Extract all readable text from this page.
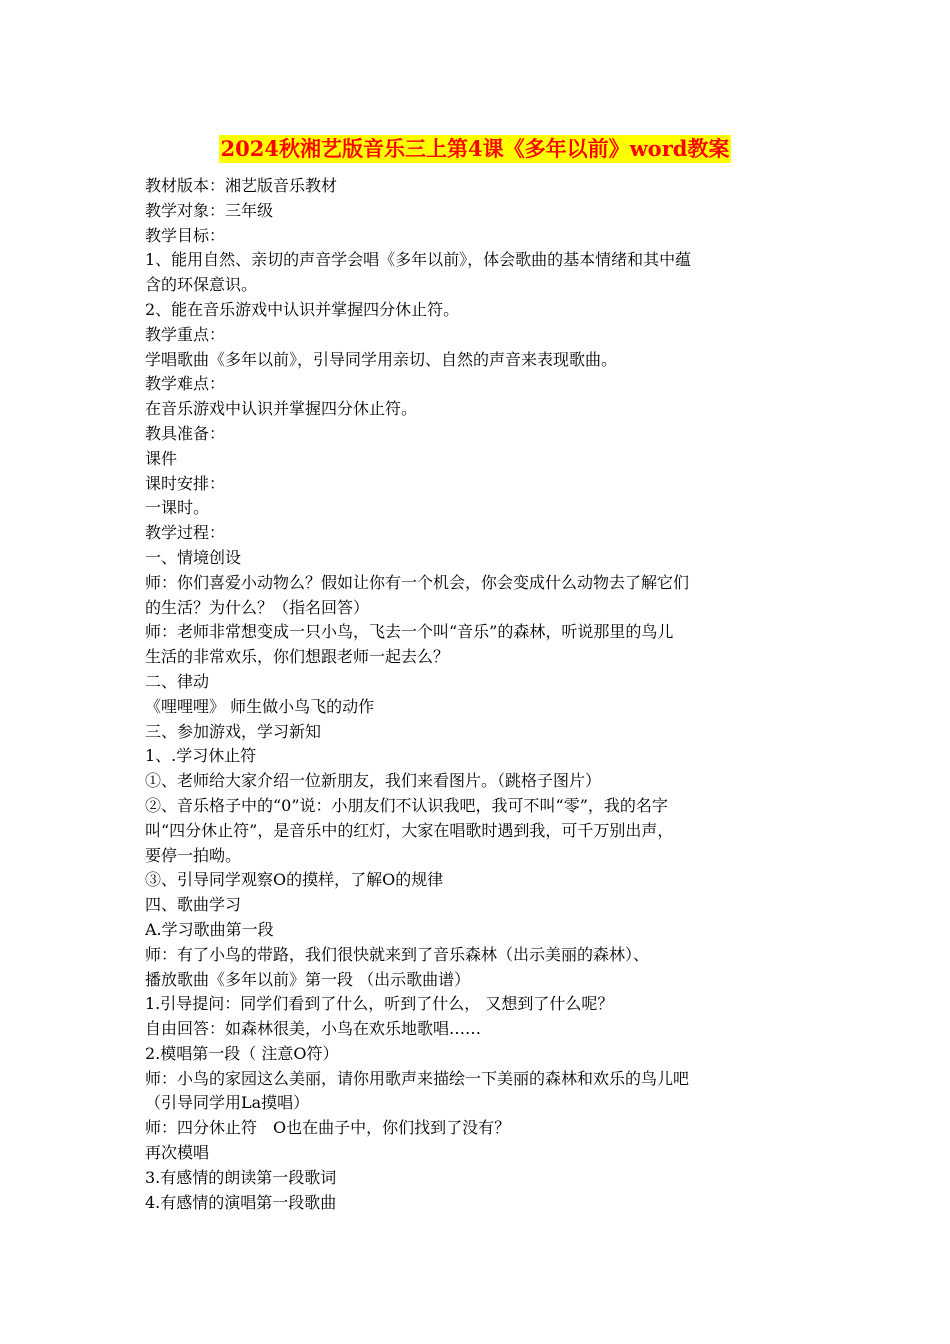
2024秋湘艺版音乐三上第4课《多年以前》word教案
教材版本：湘艺版音乐教材
教学对象：三年级
教学目标：
1、能用自然、亲切的声音学会唱《多年以前》，体会歌曲的基本情绪和其中蕴
含的环保意识。
2、能在音乐游戏中认识并掌握四分休止符。
教学重点：
学唱歌曲《多年以前》，引导同学用亲切、自然的声音来表现歌曲。
教学难点：
在音乐游戏中认识并掌握四分休止符。
教具准备：
课件
课时安排：
一课时。
教学过程：
一、情境创设
师：你们喜爱小动物么？假如让你有一个机会，你会变成什么动物去了解它们
的生活？为什么？（指名回答）
师：老师非常想变成一只小鸟，飞去一个叫“音乐”的森林，听说那里的鸟儿
生活的非常欢乐，你们想跟老师一起去么？
二、律动
《哩哩哩》 师生做小鸟飞的动作
三、参加游戏，学习新知
1、.学习休止符
①、老师给大家介绍一位新朋友，我们来看图片。（跳格子图片）
②、音乐格子中的“0”说：小朋友们不认识我吧，我可不叫“零”，我的名字
叫“四分休止符”，是音乐中的红灯，大家在唱歌时遇到我，可千万别出声，
要停一拍呦。
③、引导同学观察O的摸样，了解O的规律
四、歌曲学习
A.学习歌曲第一段
师：有了小鸟的带路，我们很快就来到了音乐森林（出示美丽的森林）、
播放歌曲《多年以前》第一段 （出示歌曲谱）
1.引导提问：同学们看到了什么，听到了什么， 又想到了什么呢？
自由回答：如森林很美，小鸟在欢乐地歌唱……
2.模唱第一段（ 注意O符）
师：小鸟的家园这么美丽，请你用歌声来描绘一下美丽的森林和欢乐的鸟儿吧
（引导同学用La摸唱）
师：四分休止符　O也在曲子中，你们找到了没有？
再次模唱
3.有感情的朗读第一段歌词
4.有感情的演唱第一段歌曲
